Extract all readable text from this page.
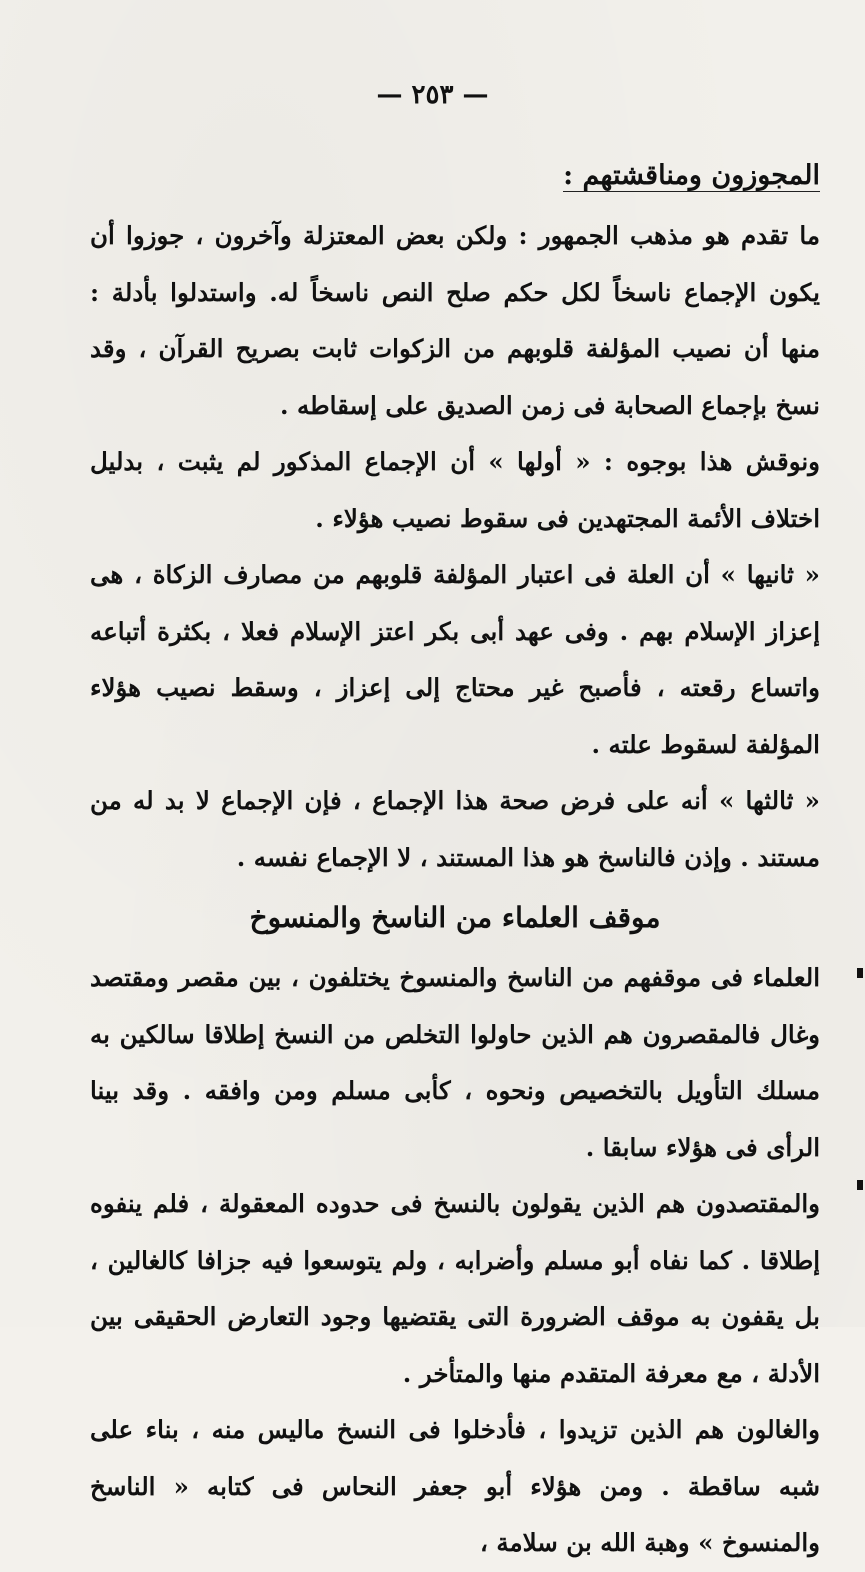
— ٢٥٣ —
المجوزون ومناقشتهم :

ما تقدم هو مذهب الجمهور : ولكن بعض المعتزلة وآخرون ، جوزوا أن يكون الإجماع ناسخاً لكل حكم صلح النص ناسخاً له. واستدلوا بأدلة : منها أن نصيب المؤلفة قلوبهم من الزكوات ثابت بصريح القرآن ، وقد نسخ بإجماع الصحابة فى زمن الصديق على إسقاطه .

ونوقش هذا بوجوه : « أولها » أن الإجماع المذكور لم يثبت ، بدليل اختلاف الأئمة المجتهدين فى سقوط نصيب هؤلاء .

« ثانيها » أن العلة فى اعتبار المؤلفة قلوبهم من مصارف الزكاة ، هى إعزاز الإسلام بهم . وفى عهد أبى بكر اعتز الإسلام فعلا ، بكثرة أتباعه واتساع رقعته ، فأصبح غير محتاج إلى إعزاز ، وسقط نصيب هؤلاء المؤلفة لسقوط علته .

« ثالثها » أنه على فرض صحة هذا الإجماع ، فإن الإجماع لا بد له من مستند . وإذن فالناسخ هو هذا المستند ، لا الإجماع نفسه .

موقف العلماء من الناسخ والمنسوخ

العلماء فى موقفهم من الناسخ والمنسوخ يختلفون ، بين مقصر ومقتصد وغال فالمقصرون هم الذين حاولوا التخلص من النسخ إطلاقا سالكين به مسلك التأويل بالتخصيص ونحوه ، كأبى مسلم ومن وافقه . وقد بينا الرأى فى هؤلاء سابقا .

والمقتصدون هم الذين يقولون بالنسخ فى حدوده المعقولة ، فلم ينفوه إطلاقا . كما نفاه أبو مسلم وأضرابه ، ولم يتوسعوا فيه جزافا كالغالين ، بل يقفون به موقف الضرورة التى يقتضيها وجود التعارض الحقيقى بين الأدلة ، مع معرفة المتقدم منها والمتأخر .

والغالون هم الذين تزيدوا ، فأدخلوا فى النسخ ماليس منه ، بناء على شبه ساقطة . ومن هؤلاء أبو جعفر النحاس فى كتابه « الناسخ والمنسوخ » وهبة الله بن سلامة ،
